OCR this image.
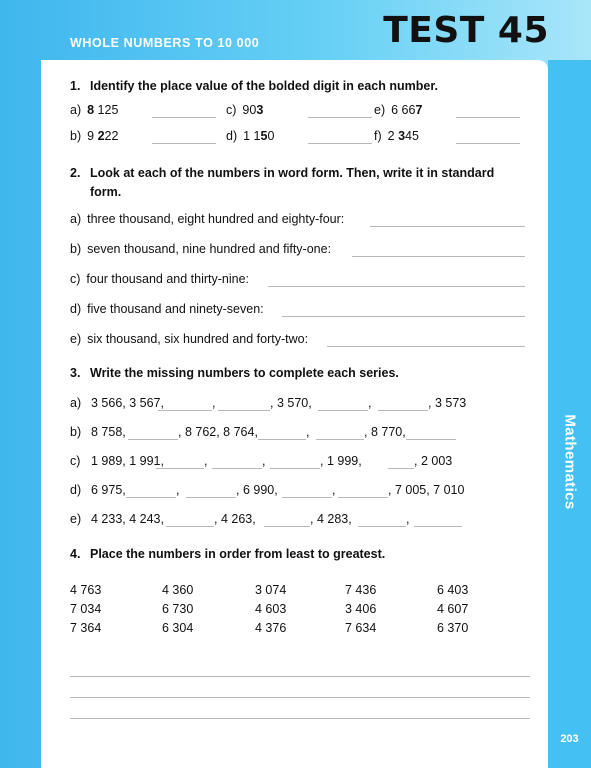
WHOLE NUMBERS TO 10 000	TEST 45
Mathematics
203
1. Identify the place value of the bolded digit in each number.
2. Look at each of the numbers in word form. Then, write it in standard
form.
3. Write the missing numbers to complete each series.
4. Place the numbers in order from least to greatest.
a) 8 125	c) 903	e) 6 667
b) 9 222	d) 1 150	f) 2 345
a) three thousand, eight hundred and eighty-four:
b) seven thousand, nine hundred and fifty-one:
c) four thousand and thirty-nine:
d) five thousand and ninety-seven:
e) six thousand, six hundred and forty-two:
a) 3 566, 3 567,	,	, 3 570,	,	, 3 573
b) 8 758,	, 8 762, 8 764,	,	, 8 770,
c) 1 989, 1 991,	,	,	, 1 999,	, 2 003
d) 6 975,	,	, 6 990,	,	, 7 005, 7 010
e) 4 233, 4 243,	, 4 263,	, 4 283,	,
4 763	4 360	3 074	7 436	6 403
7 034	6 730	4 603	3 406	4 607
7 364	6 304	4 376	7 634	6 370
